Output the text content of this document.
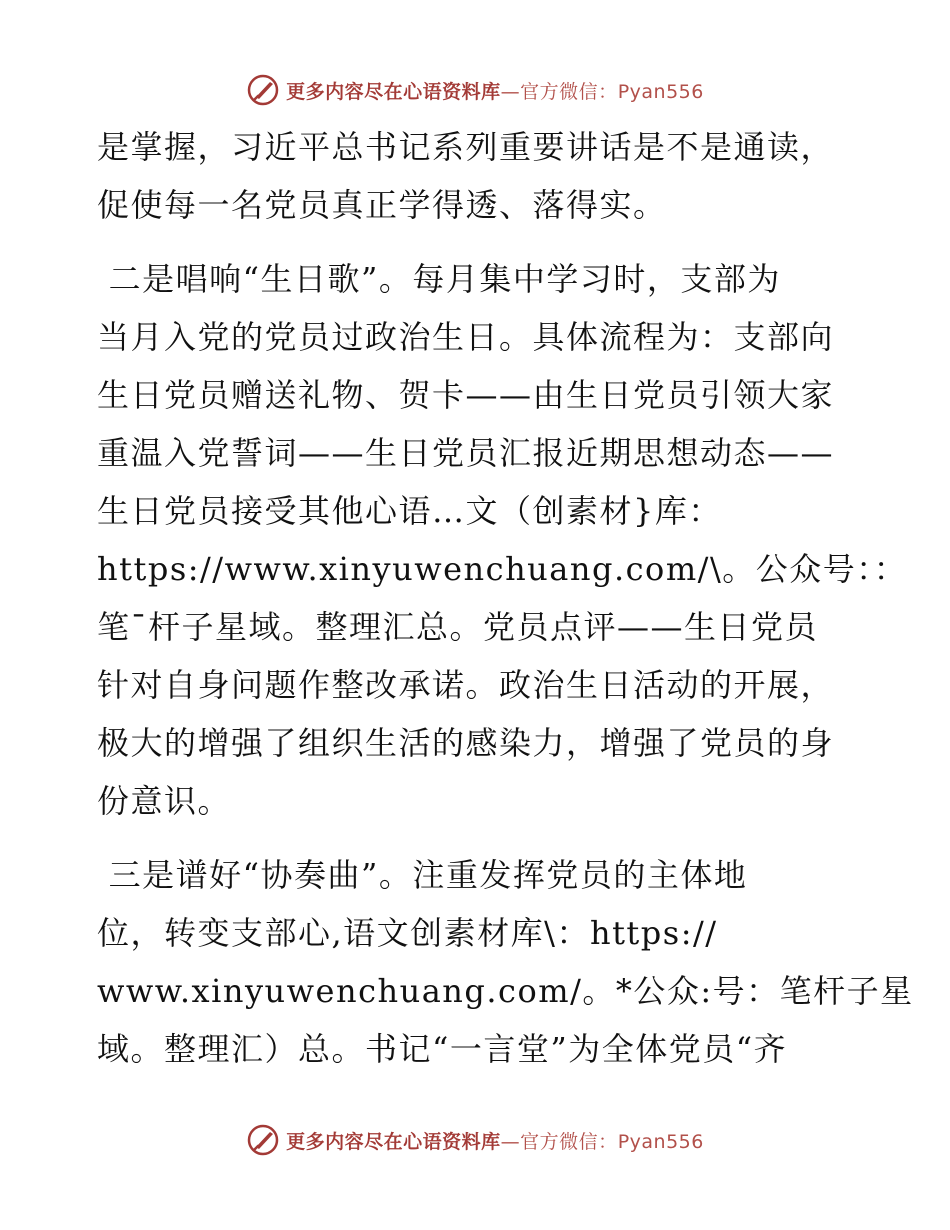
更多内容尽在心语资料库—官方微信：Pyan556
是掌握，习近平总书记系列重要讲话是不是通读，
促使每一名党员真正学得透、落得实。
二是唱响“生日歌”。每月集中学习时，支部为
当月入党的党员过政治生日。具体流程为：支部向
生日党员赠送礼物、贺卡——由生日党员引领大家
重温入党誓词——生日党员汇报近期思想动态——
生日党员接受其他心语…文（创素材}库：
https://www.xinyuwenchuang.com/\。公众号：：
笔¯杆子星域。整理汇总。党员点评——生日党员
针对自身问题作整改承诺。政治生日活动的开展，
极大的增强了组织生活的感染力，增强了党员的身
份意识。
三是谱好“协奏曲”。注重发挥党员的主体地
位，转变支部心,语文创素材库\：https://
www.xinyuwenchuang.com/。*公众:号：笔杆子星
域。整理汇）总。书记“一言堂”为全体党员“齐
更多内容尽在心语资料库—官方微信：Pyan556
